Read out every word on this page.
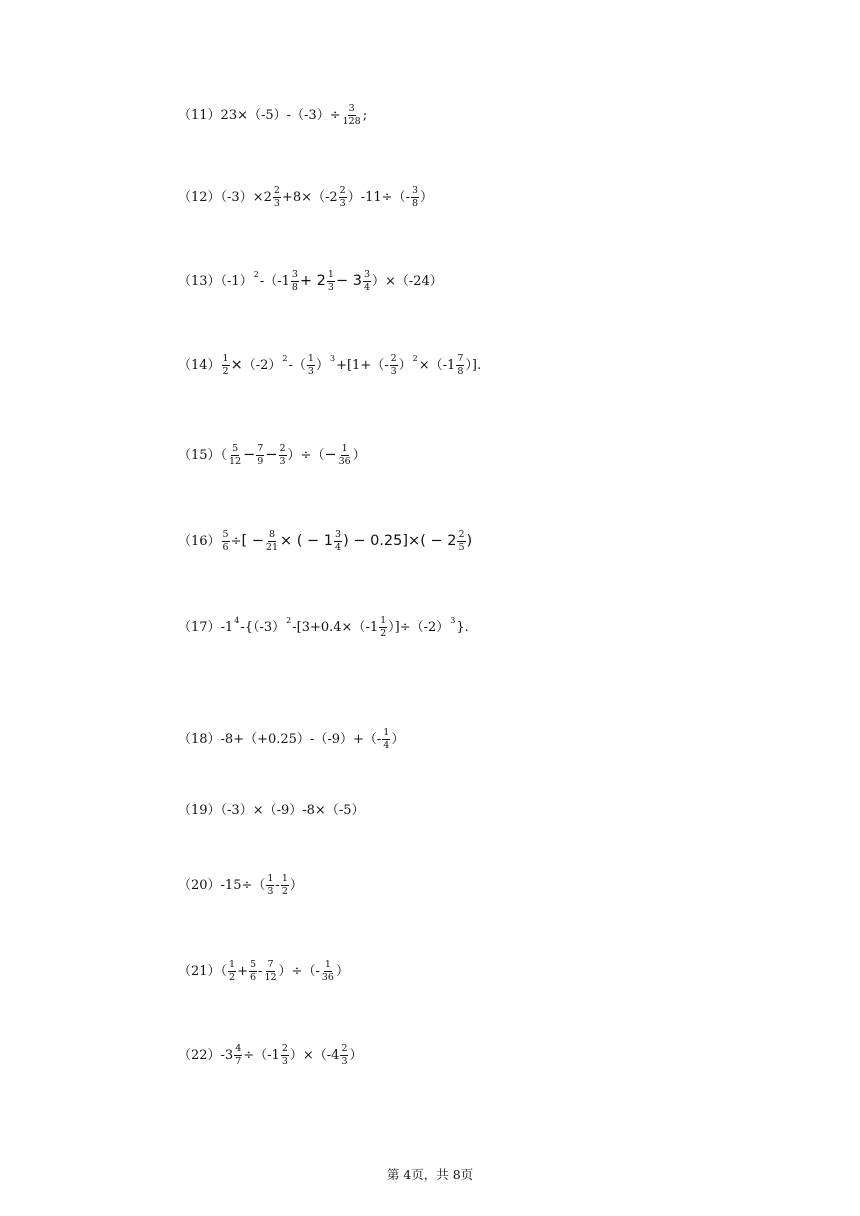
$(11)23\times(-5)-(-3)\div \frac{3}{128}$ ;
$(12)(-3)\times 2 \frac{2}{3} +8\times(-2 \frac{2}{3} )-11\div(- \frac{3}{8}$ ）
（13）（-1） 2 $-(-1 \frac{3}{8} + 2 \frac{1}{3} - 3 \frac{3}{4} )\times(-24)$
$(14) \frac{1}{2} \times (-2)$ 2 -（ $\frac{1}{3}$ ） $3 +[1+(- \frac{2}{3}$ ） $2 \times(-1 \frac{7}{8}$ ）].
$(15)( \frac{5}{12} - \frac{7}{9} - \frac{2}{3}$ ）÷（ − $\frac{1}{36}$ ）
$(16) \frac{5}{6}$ ÷ [ − $\frac{8}{21}$ × ( − $1 \frac{3}{4}$ ) − $0.25]\times( - 2 \frac{2}{5}$ )
（17）-1 4 -{（-3） 2 $-[3+0.4\times(-1 \frac{1}{2} )]\div(-2)$ 3 }.
$(18)-8+(+0.25)-(-9)+(- \frac{1}{4}$ ）
（19）（-3）×（-9）-8×（-5）
$(20)-15\div( \frac{1}{3} - \frac{1}{2}$ ）
$(21)( \frac{1}{2} + \frac{5}{6} - \frac{7}{12}$ ）÷（- $\frac{1}{36}$ ）
$(22)-3 \frac{4}{7} \div(-1 \frac{2}{3} )\times(-4 \frac{2}{3}$ ）
第 4页，共 8页
